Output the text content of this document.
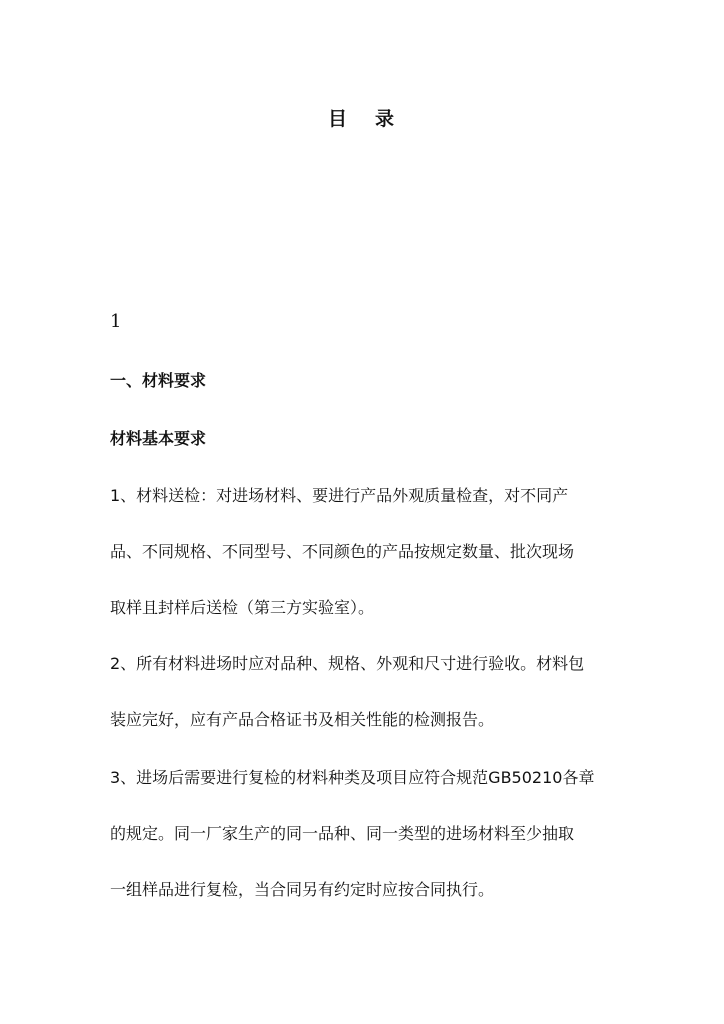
目 录
1
一、材料要求
材料基本要求
1、材料送检：对进场材料、要进行产品外观质量检查，对不同产
品、不同规格、不同型号、不同颜色的产品按规定数量、批次现场
取样且封样后送检（第三方实验室）。
2、所有材料进场时应对品种、规格、外观和尺寸进行验收。材料包
装应完好，应有产品合格证书及相关性能的检测报告。
3、进场后需要进行复检的材料种类及项目应符合规范GB50210各章
的规定。同一厂家生产的同一品种、同一类型的进场材料至少抽取
一组样品进行复检，当合同另有约定时应按合同执行。
